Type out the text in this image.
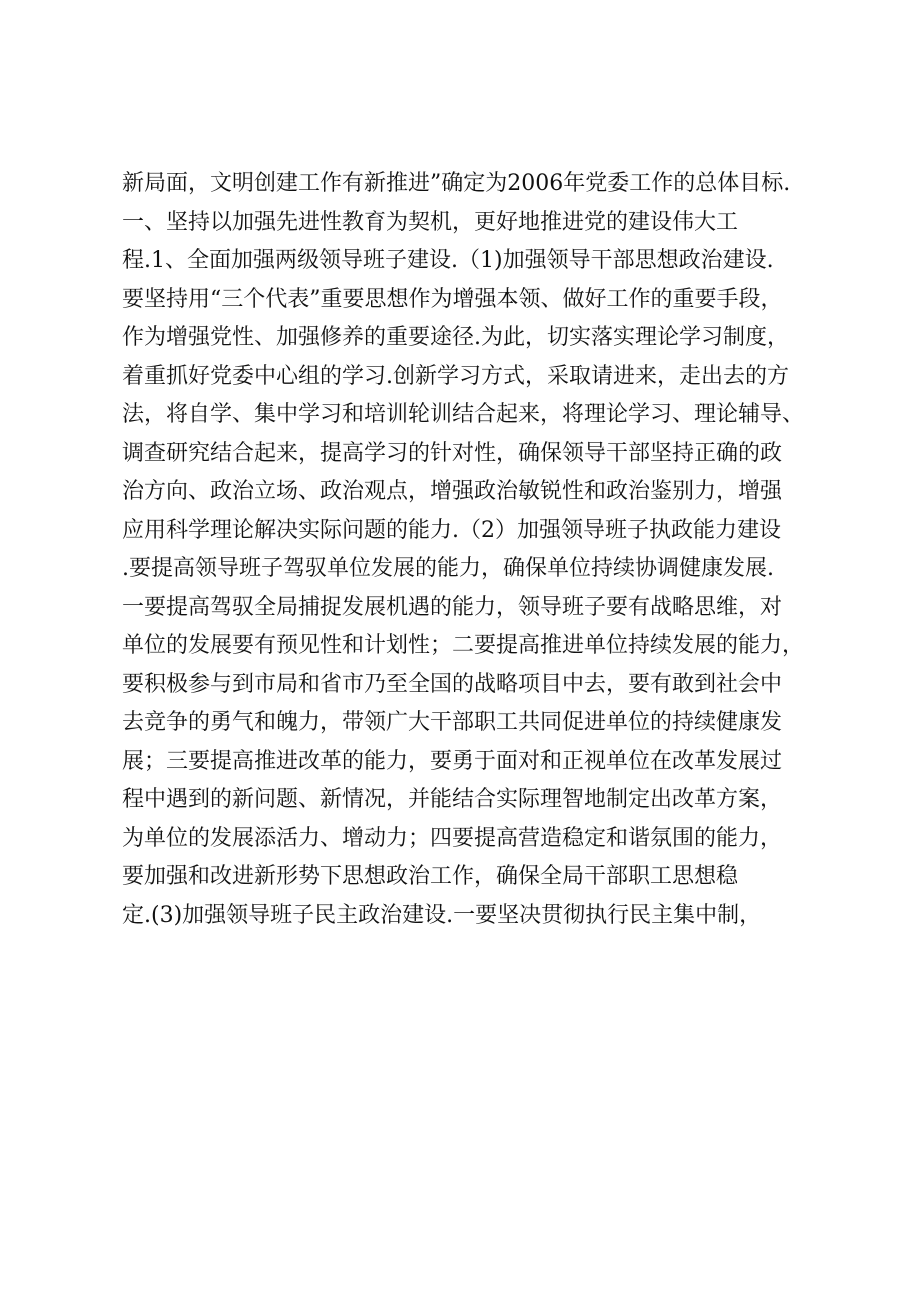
新局面，文明创建工作有新推进”确定为2006年党委工作的总体目标.
一、坚持以加强先进性教育为契机，更好地推进党的建设伟大工
程.1、全面加强两级领导班子建设.（1)加强领导干部思想政治建设.
要坚持用“三个代表”重要思想作为增强本领、做好工作的重要手段，
作为增强党性、加强修养的重要途径.为此，切实落实理论学习制度，
着重抓好党委中心组的学习.创新学习方式，采取请进来，走出去的方
法，将自学、集中学习和培训轮训结合起来，将理论学习、理论辅导、
调查研究结合起来，提高学习的针对性，确保领导干部坚持正确的政
治方向、政治立场、政治观点，增强政治敏锐性和政治鉴别力，增强
应用科学理论解决实际问题的能力.（2）加强领导班子执政能力建设
.要提高领导班子驾驭单位发展的能力，确保单位持续协调健康发展.
一要提高驾驭全局捕捉发展机遇的能力，领导班子要有战略思维，对
单位的发展要有预见性和计划性；二要提高推进单位持续发展的能力，
要积极参与到市局和省市乃至全国的战略项目中去，要有敢到社会中
去竞争的勇气和魄力，带领广大干部职工共同促进单位的持续健康发
展；三要提高推进改革的能力，要勇于面对和正视单位在改革发展过
程中遇到的新问题、新情况，并能结合实际理智地制定出改革方案，
为单位的发展添活力、增动力；四要提高营造稳定和谐氛围的能力，
要加强和改进新形势下思想政治工作，确保全局干部职工思想稳
定.(3)加强领导班子民主政治建设.一要坚决贯彻执行民主集中制，
